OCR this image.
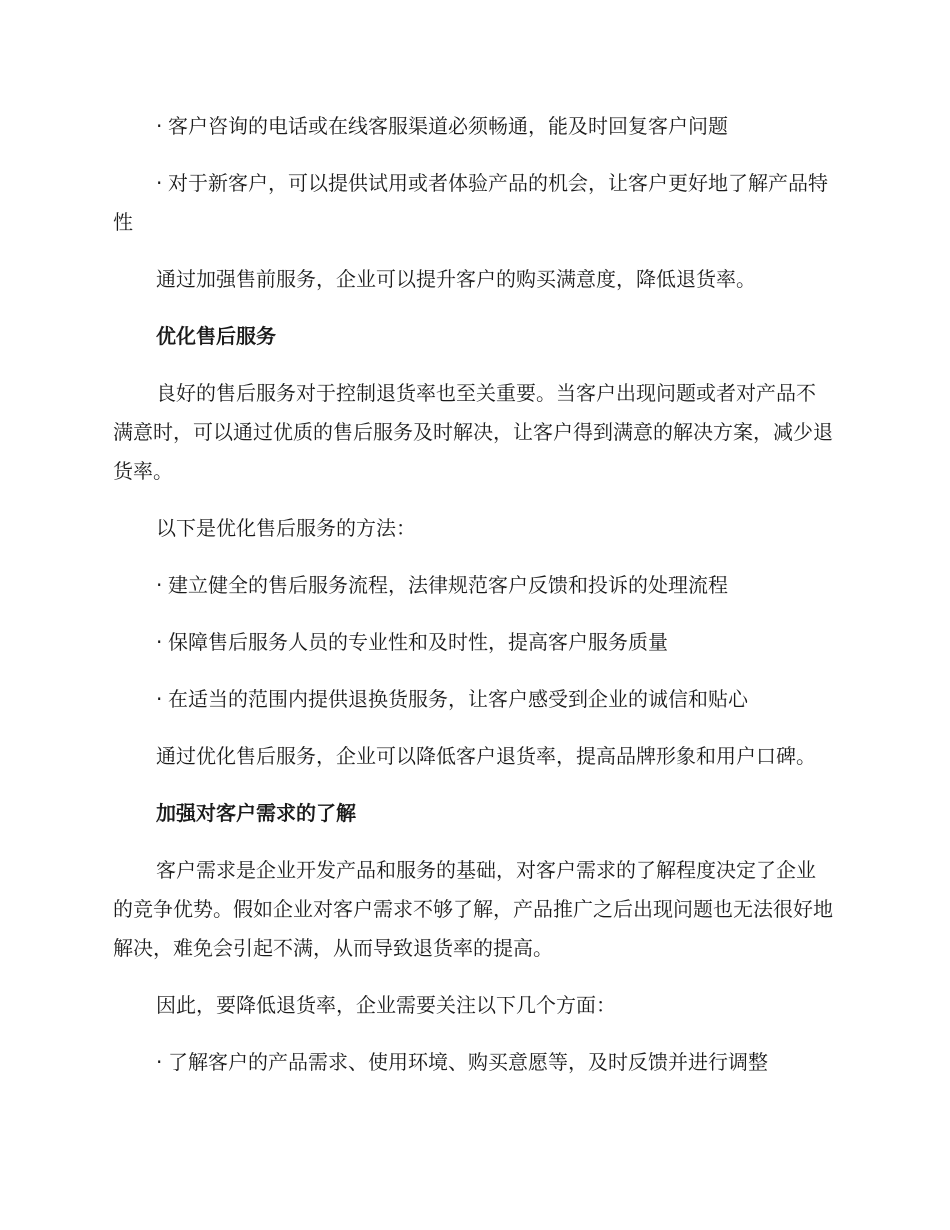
· 客户咨询的电话或在线客服渠道必须畅通，能及时回复客户问题

· 对于新客户，可以提供试用或者体验产品的机会，让客户更好地了解产品特性

通过加强售前服务，企业可以提升客户的购买满意度，降低退货率。

优化售后服务

良好的售后服务对于控制退货率也至关重要。当客户出现问题或者对产品不满意时，可以通过优质的售后服务及时解决，让客户得到满意的解决方案，减少退货率。

以下是优化售后服务的方法：

· 建立健全的售后服务流程，法律规范客户反馈和投诉的处理流程

· 保障售后服务人员的专业性和及时性，提高客户服务质量

· 在适当的范围内提供退换货服务，让客户感受到企业的诚信和贴心

通过优化售后服务，企业可以降低客户退货率，提高品牌形象和用户口碑。

加强对客户需求的了解

客户需求是企业开发产品和服务的基础，对客户需求的了解程度决定了企业的竞争优势。假如企业对客户需求不够了解，产品推广之后出现问题也无法很好地解决，难免会引起不满，从而导致退货率的提高。

因此，要降低退货率，企业需要关注以下几个方面：

· 了解客户的产品需求、使用环境、购买意愿等，及时反馈并进行调整
